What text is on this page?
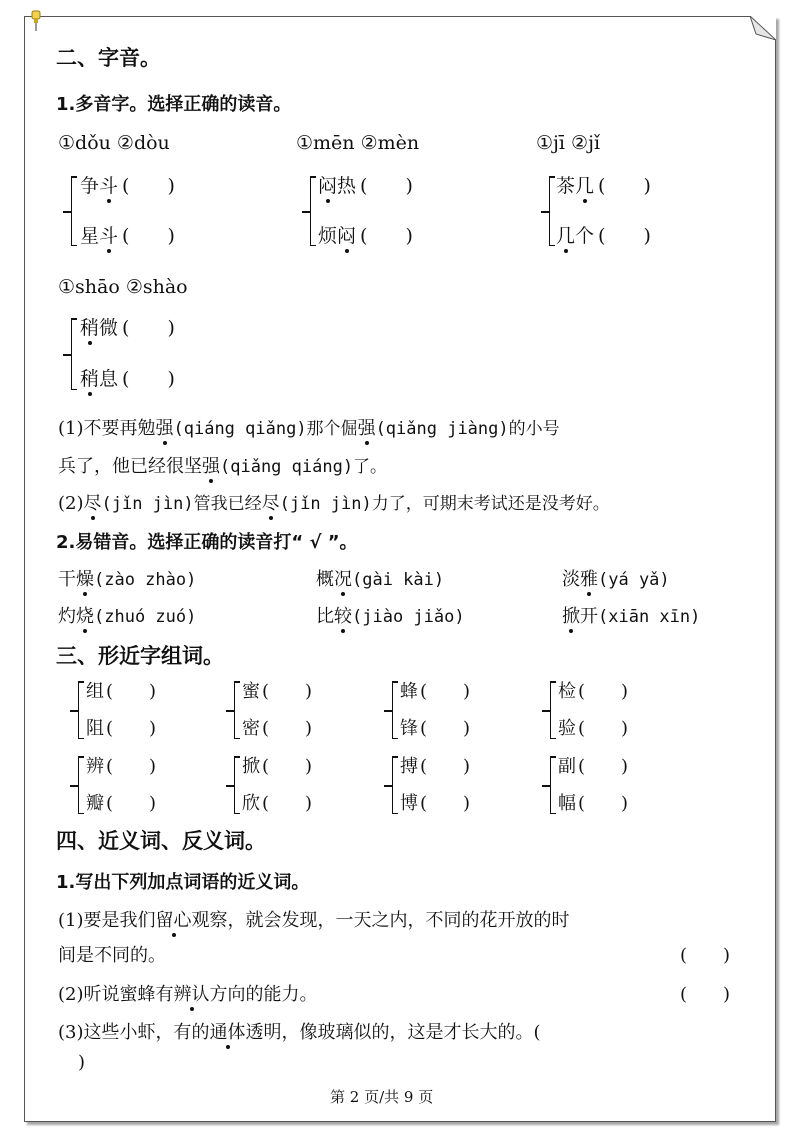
二、字音。
1.多音字。选择正确的读音。
①dǒu ②dòu
争斗 (　　)
星斗 (　　)
①mēn ②mèn
闷热 (　　)
烦闷 (　　)
①jī ②jǐ
茶几 (　　)
几个 (　　)
①shāo ②shào
稍微 (　　)
稍息 (　　)
(1)不要再勉强(qiáng qiǎng)那个倔强(qiǎng jiàng)的小号
兵了，他已经很坚强(qiǎng qiáng)了。
(2)尽(jǐn jìn)管我已经尽(jǐn jìn)力了，可期末考试还是没考好。
2.易错音。选择正确的读音打“ √ ”。
干燥(zào zhào)	概况(gài kài)	淡雅(yá yǎ)
灼烧(zhuó zuó)	比较(jiào jiǎo)	掀开(xiān xīn)
三、形近字组词。
组 (　　)
阻 (　　)
蜜 (　　)
密 (　　)
蜂 (　　)
锋 (　　)
检 (　　)
验 (　　)
辨 (　　)
瓣 (　　)
掀 (　　)
欣 (　　)
搏 (　　)
博 (　　)
副 (　　)
幅 (　　)
四、近义词、反义词。
1.写出下列加点词语的近义词。
(1)要是我们留心观察，就会发现，一天之内，不同的花开放的时
间是不同的。	(　　)
(2)听说蜜蜂有辨认方向的能力。	(　　)
(3)这些小虾，有的通体透明，像玻璃似的，这是才长大的。(
)
第 2 页/共 9 页
